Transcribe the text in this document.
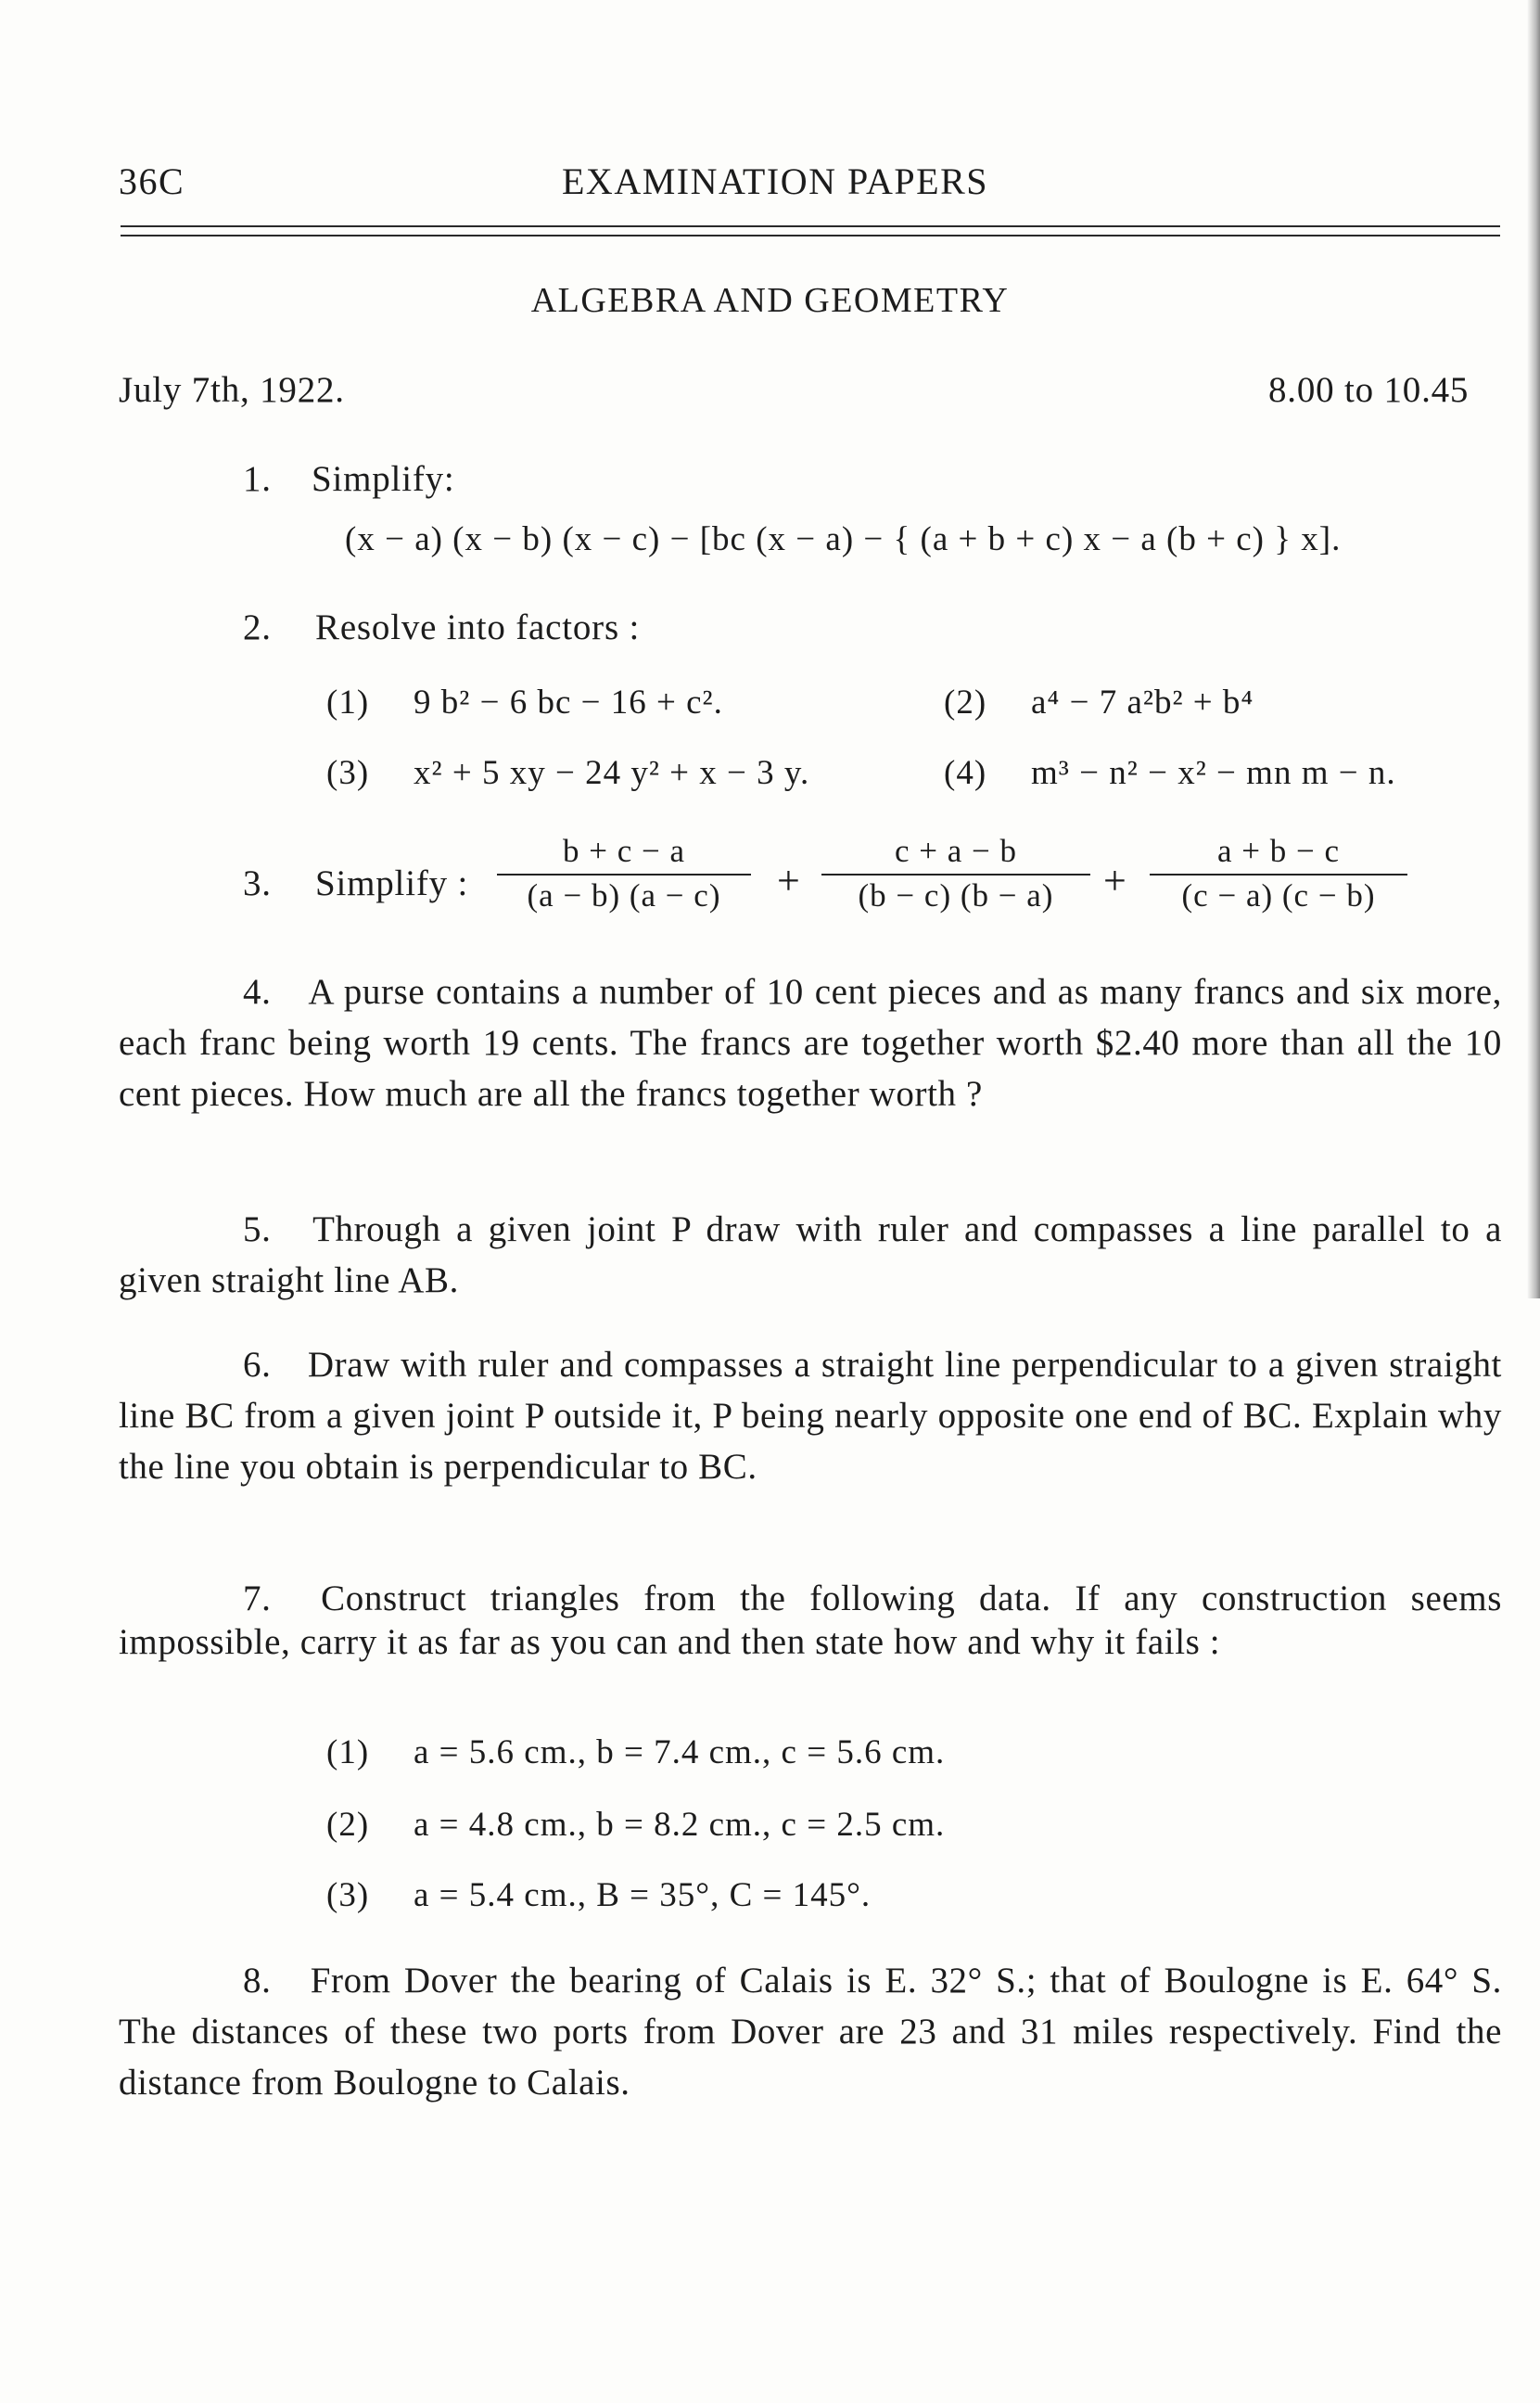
36C	EXAMINATION PAPERS
ALGEBRA AND GEOMETRY
July 7th, 1922.	8.00 to 10.45
1. Simplify:
(x − a) (x − b) (x − c) − [bc (x − a) − { (a + b + c) x − a (b + c) } x].
2. Resolve into factors :
(1) 9 b² − 6 bc − 16 + c².	(2) a⁴ − 7 a²b² + b⁴
(3) x² + 5 xy − 24 y² + x − 3 y.	(4) m³ − n² − x² − mn m − n.
3. Simplify :
b + c − a
(a − b) (a − c)	+
c + a − b
(b − c) (b − a)	+
a + b − c
(c − a) (c − b)
4. A purse contains a number of 10 cent pieces and as many francs and six more, each franc being worth 19 cents. The francs are together worth $2.40 more than all the 10 cent pieces. How much are all the francs together worth ?
5. Through a given joint P draw with ruler and compasses a line parallel to a given straight line AB.
6. Draw with ruler and compasses a straight line perpendicular to a given straight line BC from a given joint P outside it, P being nearly opposite one end of BC. Explain why the line you obtain is perpendicular to BC.
7. Construct triangles from the following data. If any construction seems impossible, carry it as far as you can and then state how and why it fails :
(1) a = 5.6 cm., b = 7.4 cm., c = 5.6 cm.
(2) a = 4.8 cm., b = 8.2 cm., c = 2.5 cm.
(3) a = 5.4 cm., B = 35°, C = 145°.
8. From Dover the bearing of Calais is E. 32° S.; that of Boulogne is E. 64° S. The distances of these two ports from Dover are 23 and 31 miles respectively. Find the distance from Boulogne to Calais.
